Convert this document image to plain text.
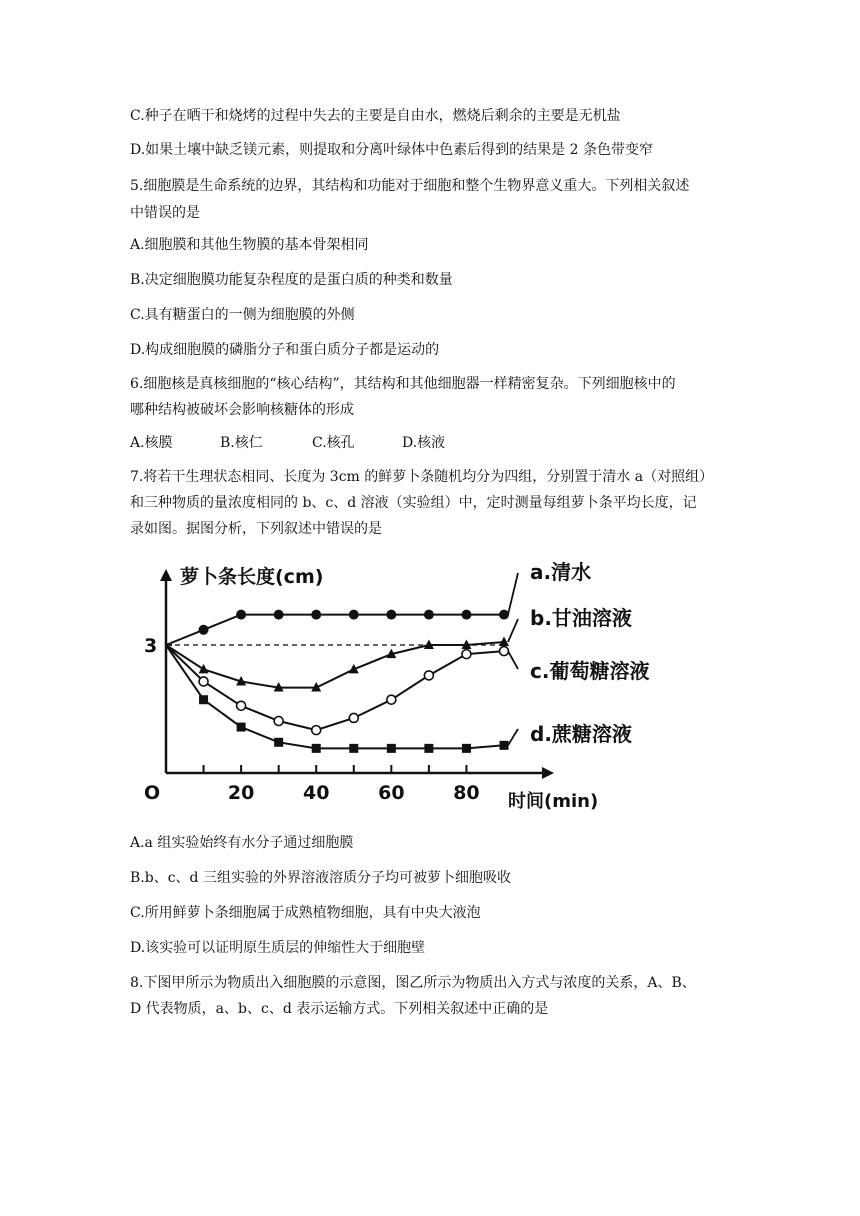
C.种子在晒干和烧烤的过程中失去的主要是自由水，燃烧后剩余的主要是无机盐
D.如果土壤中缺乏镁元素，则提取和分离叶绿体中色素后得到的结果是 2 条色带变窄
5.细胞膜是生命系统的边界，其结构和功能对于细胞和整个生物界意义重大。下列相关叙述
中错误的是
A.细胞膜和其他生物膜的基本骨架相同
B.决定细胞膜功能复杂程度的是蛋白质的种类和数量
C.具有糖蛋白的一侧为细胞膜的外侧
D.构成细胞膜的磷脂分子和蛋白质分子都是运动的
6.细胞核是真核细胞的“核心结构”，其结构和其他细胞器一样精密复杂。下列细胞核中的
哪种结构被破坏会影响核糖体的形成
A.核膜	B.核仁	C.核孔	D.核液
7.将若干生理状态相同、长度为 3cm 的鲜萝卜条随机均分为四组，分别置于清水 a（对照组）
和三种物质的量浓度相同的 b、c、d 溶液（实验组）中，定时测量每组萝卜条平均长度，记
录如图。据图分析，下列叙述中错误的是
萝卜条长度(cm)
时间(min)
O
3
20	40	60	80
a.清水
b.甘油溶液
c.葡萄糖溶液
d.蔗糖溶液
A.a 组实验始终有水分子通过细胞膜
B.b、c、d 三组实验的外界溶液溶质分子均可被萝卜细胞吸收
C.所用鲜萝卜条细胞属于成熟植物细胞，具有中央大液泡
D.该实验可以证明原生质层的伸缩性大于细胞壁
8.下图甲所示为物质出入细胞膜的示意图，图乙所示为物质出入方式与浓度的关系，A、B、
D 代表物质，a、b、c、d 表示运输方式。下列相关叙述中正确的是
